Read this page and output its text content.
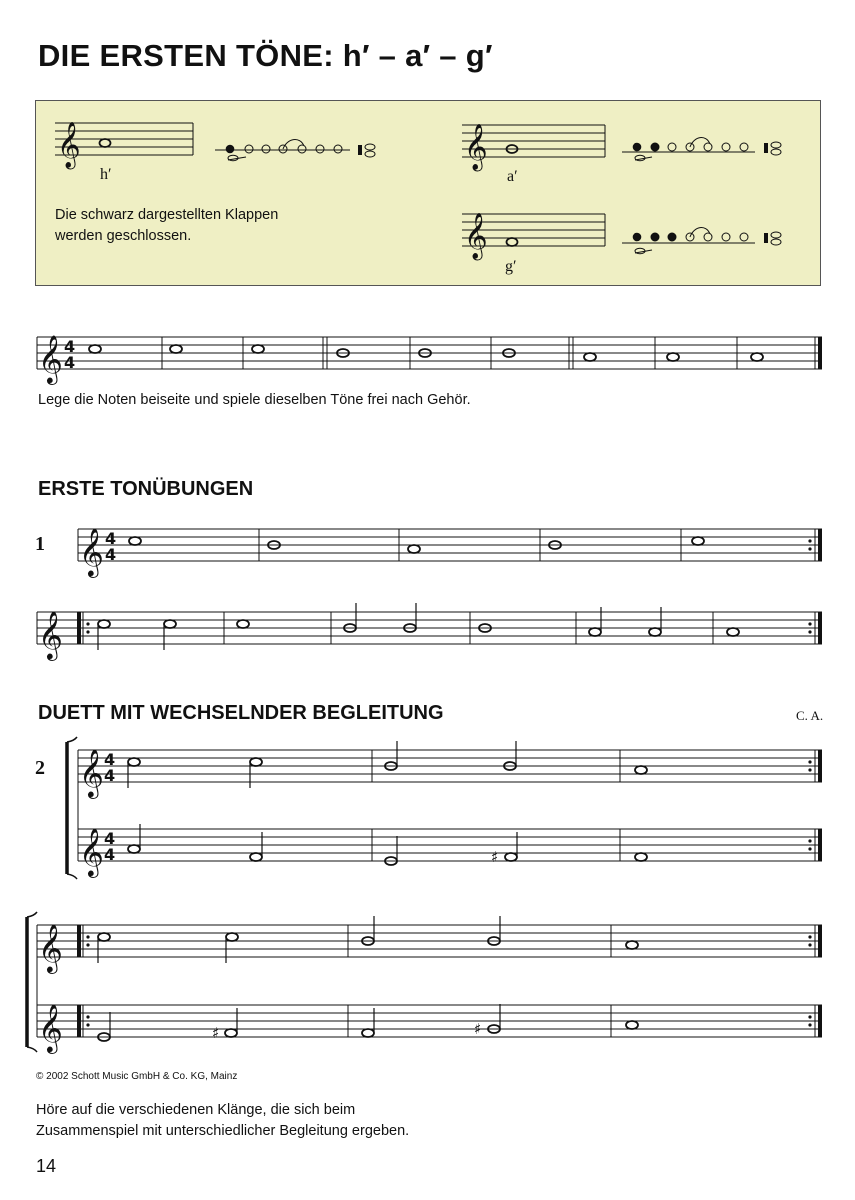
DIE ERSTEN TÖNE: h′ – a′ – g′
𝄞
h′
𝄞
a′
𝄞
g′
Die schwarz dargestellten Klappen
werden geschlossen.
𝄞 4
4
Lege die Noten beiseite und spiele dieselben Töne frei nach Gehör.
ERSTE TONÜBUNGEN
1 𝄞 4
4
𝄞
DUETT MIT WECHSELNDER BEGLEITUNG	C. A.
2 𝄞
𝄞
4
4
4
4	♯
𝄞
𝄞	♯	♯
© 2002 Schott Music GmbH & Co. KG, Mainz
Höre auf die verschiedenen Klänge, die sich beim
Zusammenspiel mit unterschiedlicher Begleitung ergeben.
14
